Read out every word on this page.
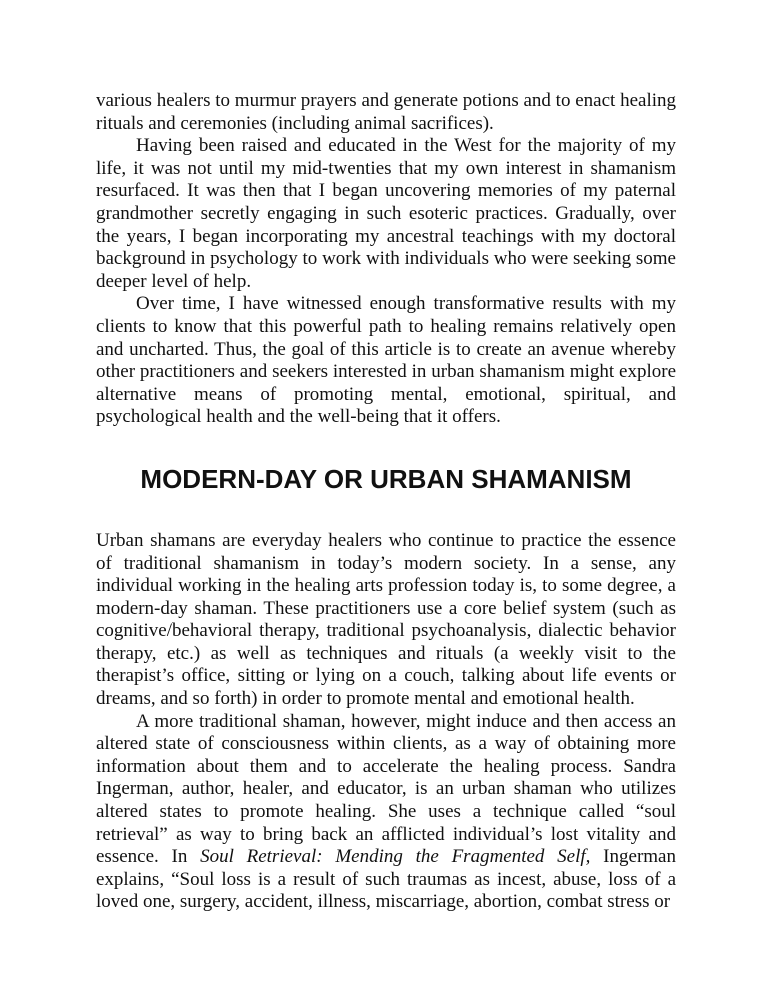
various healers to murmur prayers and generate potions and to enact healing rituals and ceremonies (including animal sacrifices).

Having been raised and educated in the West for the majority of my life, it was not until my mid-twenties that my own interest in shamanism resurfaced. It was then that I began uncovering memories of my paternal grandmother secretly engaging in such esoteric practices. Gradually, over the years, I began incorporating my ancestral teachings with my doctoral background in psychology to work with individuals who were seeking some deeper level of help.

Over time, I have witnessed enough transformative results with my clients to know that this powerful path to healing remains relatively open and uncharted. Thus, the goal of this article is to create an avenue whereby other practitioners and seekers interested in urban shamanism might explore alternative means of promoting mental, emotional, spiritual, and psychological health and the well-being that it offers.

MODERN-DAY OR URBAN SHAMANISM

Urban shamans are everyday healers who continue to practice the essence of traditional shamanism in today’s modern society. In a sense, any individual working in the healing arts profession today is, to some degree, a modern-day shaman. These practitioners use a core belief system (such as cognitive/behavioral therapy, traditional psychoanalysis, dialectic behavior therapy, etc.) as well as techniques and rituals (a weekly visit to the therapist’s office, sitting or lying on a couch, talking about life events or dreams, and so forth) in order to promote mental and emotional health.

A more traditional shaman, however, might induce and then access an altered state of consciousness within clients, as a way of obtaining more information about them and to accelerate the healing process. Sandra Ingerman, author, healer, and educator, is an urban shaman who utilizes altered states to promote healing. She uses a technique called “soul retrieval” as way to bring back an afflicted individual’s lost vitality and essence. In Soul Retrieval: Mending the Fragmented Self, Ingerman explains, “Soul loss is a result of such traumas as incest, abuse, loss of a loved one, surgery, accident, illness, miscarriage, abortion, combat stress or
